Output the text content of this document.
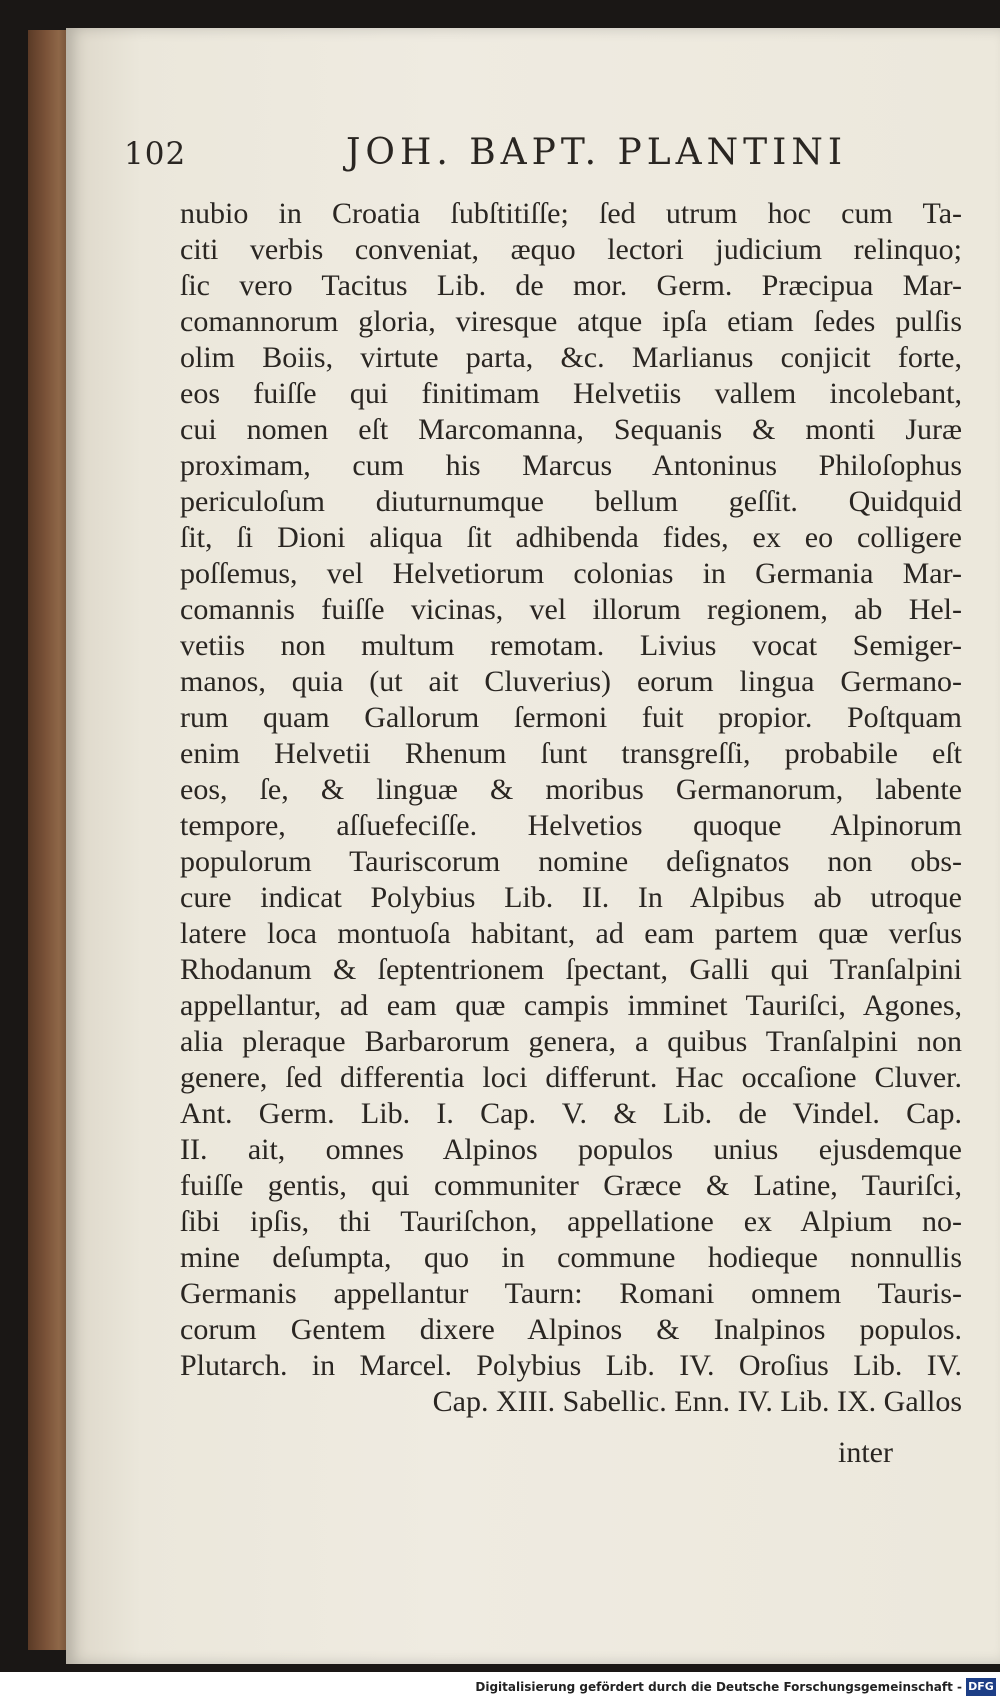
102	JOH. BAPT. PLANTINI
nubio in Croatia ſubſtitiſſe; ſed utrum hoc cum Ta-
citi verbis conveniat, æquo lectori judicium relinquo;
ſic vero Tacitus Lib. de mor. Germ. Præcipua Mar-
comannorum gloria, viresque atque ipſa etiam ſedes pulſis
olim Boiis, virtute parta, &c. Marlianus conjicit forte,
eos fuiſſe qui finitimam Helvetiis vallem incolebant,
cui nomen eſt Marcomanna, Sequanis & monti Juræ
proximam, cum his Marcus Antoninus Philoſophus
periculoſum diuturnumque bellum geſſit. Quidquid
ſit, ſi Dioni aliqua ſit adhibenda fides, ex eo colligere
poſſemus, vel Helvetiorum colonias in Germania Mar-
comannis fuiſſe vicinas, vel illorum regionem, ab Hel-
vetiis non multum remotam. Livius vocat Semiger-
manos, quia (ut ait Cluverius) eorum lingua Germano-
rum quam Gallorum ſermoni fuit propior. Poſtquam
enim Helvetii Rhenum ſunt transgreſſi, probabile eſt
eos, ſe, & linguæ & moribus Germanorum, labente
tempore, aſſuefeciſſe. Helvetios quoque Alpinorum
populorum Tauriscorum nomine deſignatos non obs-
cure indicat Polybius Lib. II. In Alpibus ab utroque
latere loca montuoſa habitant, ad eam partem quæ verſus
Rhodanum & ſeptentrionem ſpectant, Galli qui Tranſalpini
appellantur, ad eam quæ campis imminet Tauriſci, Agones,
alia pleraque Barbarorum genera, a quibus Tranſalpini non
genere, ſed differentia loci differunt. Hac occaſione Cluver.
Ant. Germ. Lib. I. Cap. V. & Lib. de Vindel. Cap.
II. ait, omnes Alpinos populos unius ejusdemque
fuiſſe gentis, qui communiter Græce & Latine, Tauriſci,
ſibi ipſis, thi Tauriſchon, appellatione ex Alpium no-
mine deſumpta, quo in commune hodieque nonnullis
Germanis appellantur Taurn: Romani omnem Tauris-
corum Gentem dixere Alpinos & Inalpinos populos.
Plutarch. in Marcel. Polybius Lib. IV. Oroſius Lib. IV.
Cap. XIII. Sabellic. Enn. IV. Lib. IX. Gallos
inter
Digitalisierung gefördert durch die Deutsche Forschungsgemeinschaft - DFG
